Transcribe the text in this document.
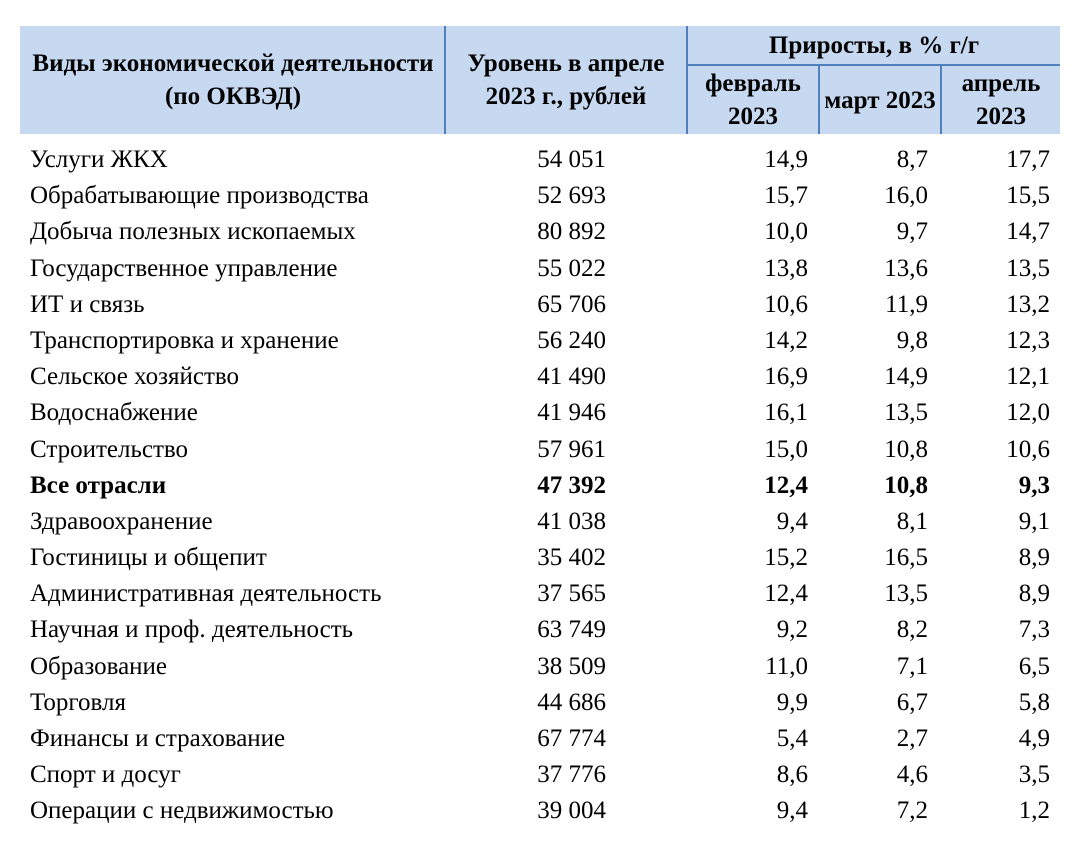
Виды экономической деятельности (по ОКВЭД)
Уровень в апреле 2023 г., рублей
Приросты, в % г/г
февраль 2023
март 2023
апрель 2023
Услуги ЖКХ	54 051	14,9	8,7	17,7
Обрабатывающие производства	52 693	15,7	16,0	15,5
Добыча полезных ископаемых	80 892	10,0	9,7	14,7
Государственное управление	55 022	13,8	13,6	13,5
ИТ и связь	65 706	10,6	11,9	13,2
Транспортировка и хранение	56 240	14,2	9,8	12,3
Сельское хозяйство	41 490	16,9	14,9	12,1
Водоснабжение	41 946	16,1	13,5	12,0
Строительство	57 961	15,0	10,8	10,6
Все отрасли	47 392	12,4	10,8	9,3
Здравоохранение	41 038	9,4	8,1	9,1
Гостиницы и общепит	35 402	15,2	16,5	8,9
Административная деятельность	37 565	12,4	13,5	8,9
Научная и проф. деятельность	63 749	9,2	8,2	7,3
Образование	38 509	11,0	7,1	6,5
Торговля	44 686	9,9	6,7	5,8
Финансы и страхование	67 774	5,4	2,7	4,9
Спорт и досуг	37 776	8,6	4,6	3,5
Операции с недвижимостью	39 004	9,4	7,2	1,2
